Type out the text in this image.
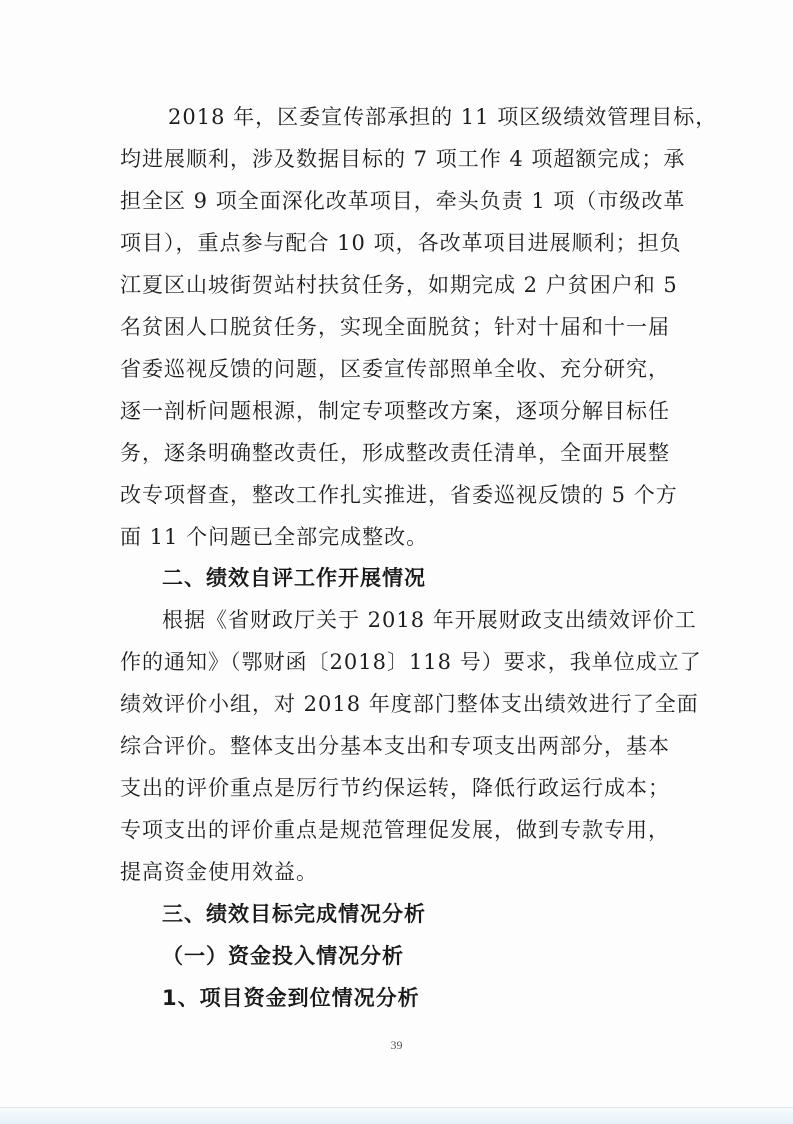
2018 年，区委宣传部承担的 11 项区级绩效管理目标，
均进展顺利，涉及数据目标的 7 项工作 4 项超额完成；承
担全区 9 项全面深化改革项目，牵头负责 1 项（市级改革
项目），重点参与配合 10 项，各改革项目进展顺利；担负
江夏区山坡街贺站村扶贫任务，如期完成 2 户贫困户和 5
名贫困人口脱贫任务，实现全面脱贫；针对十届和十一届
省委巡视反馈的问题，区委宣传部照单全收、充分研究，
逐一剖析问题根源，制定专项整改方案，逐项分解目标任
务，逐条明确整改责任，形成整改责任清单，全面开展整
改专项督查，整改工作扎实推进，省委巡视反馈的 5 个方
面 11 个问题已全部完成整改。
二、绩效自评工作开展情况
根据《省财政厅关于 2018 年开展财政支出绩效评价工
作的通知》（鄂财函〔2018〕118 号）要求，我单位成立了
绩效评价小组，对 2018 年度部门整体支出绩效进行了全面
综合评价。整体支出分基本支出和专项支出两部分，基本
支出的评价重点是厉行节约保运转，降低行政运行成本；
专项支出的评价重点是规范管理促发展，做到专款专用，
提高资金使用效益。
三、绩效目标完成情况分析
（一）资金投入情况分析
1、项目资金到位情况分析
39
